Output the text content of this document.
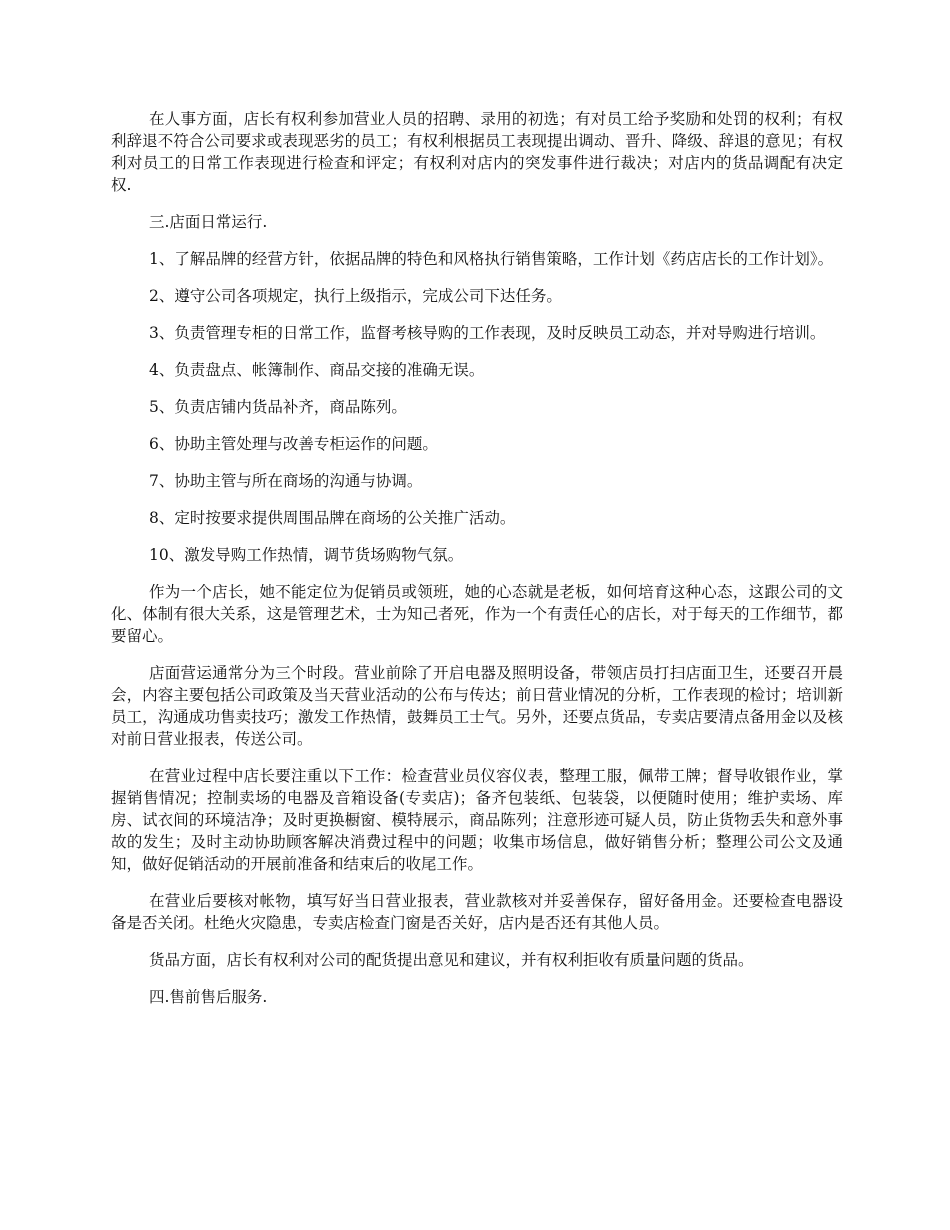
在人事方面，店长有权利参加营业人员的招聘、录用的初选；有对员工给予奖励和处罚的权利；有权利辞退不符合公司要求或表现恶劣的员工；有权利根据员工表现提出调动、晋升、降级、辞退的意见；有权利对员工的日常工作表现进行检查和评定；有权利对店内的突发事件进行裁决；对店内的货品调配有决定权.

三.店面日常运行.

1、了解品牌的经营方针，依据品牌的特色和风格执行销售策略，工作计划《药店店长的工作计划》。

2、遵守公司各项规定，执行上级指示，完成公司下达任务。

3、负责管理专柜的日常工作，监督考核导购的工作表现，及时反映员工动态，并对导购进行培训。

4、负责盘点、帐簿制作、商品交接的准确无误。

5、负责店铺内货品补齐，商品陈列。

6、协助主管处理与改善专柜运作的问题。

7、协助主管与所在商场的沟通与协调。

8、定时按要求提供周围品牌在商场的公关推广活动。

10、激发导购工作热情，调节货场购物气氛。

作为一个店长，她不能定位为促销员或领班，她的心态就是老板，如何培育这种心态，这跟公司的文化、体制有很大关系，这是管理艺术，士为知己者死，作为一个有责任心的店长，对于每天的工作细节，都要留心。

店面营运通常分为三个时段。营业前除了开启电器及照明设备，带领店员打扫店面卫生，还要召开晨会，内容主要包括公司政策及当天营业活动的公布与传达；前日营业情况的分析，工作表现的检讨；培训新员工，沟通成功售卖技巧；激发工作热情，鼓舞员工士气。另外，还要点货品，专卖店要清点备用金以及核对前日营业报表，传送公司。

在营业过程中店长要注重以下工作：检查营业员仪容仪表，整理工服，佩带工牌；督导收银作业，掌握销售情况；控制卖场的电器及音箱设备(专卖店)；备齐包装纸、包装袋，以便随时使用；维护卖场、库房、试衣间的环境洁净；及时更换橱窗、模特展示，商品陈列；注意形迹可疑人员，防止货物丢失和意外事故的发生；及时主动协助顾客解决消费过程中的问题；收集市场信息，做好销售分析；整理公司公文及通知，做好促销活动的开展前准备和结束后的收尾工作。

在营业后要核对帐物，填写好当日营业报表，营业款核对并妥善保存，留好备用金。还要检查电器设备是否关闭。杜绝火灾隐患，专卖店检查门窗是否关好，店内是否还有其他人员。

货品方面，店长有权利对公司的配货提出意见和建议，并有权利拒收有质量问题的货品。

四.售前售后服务.
